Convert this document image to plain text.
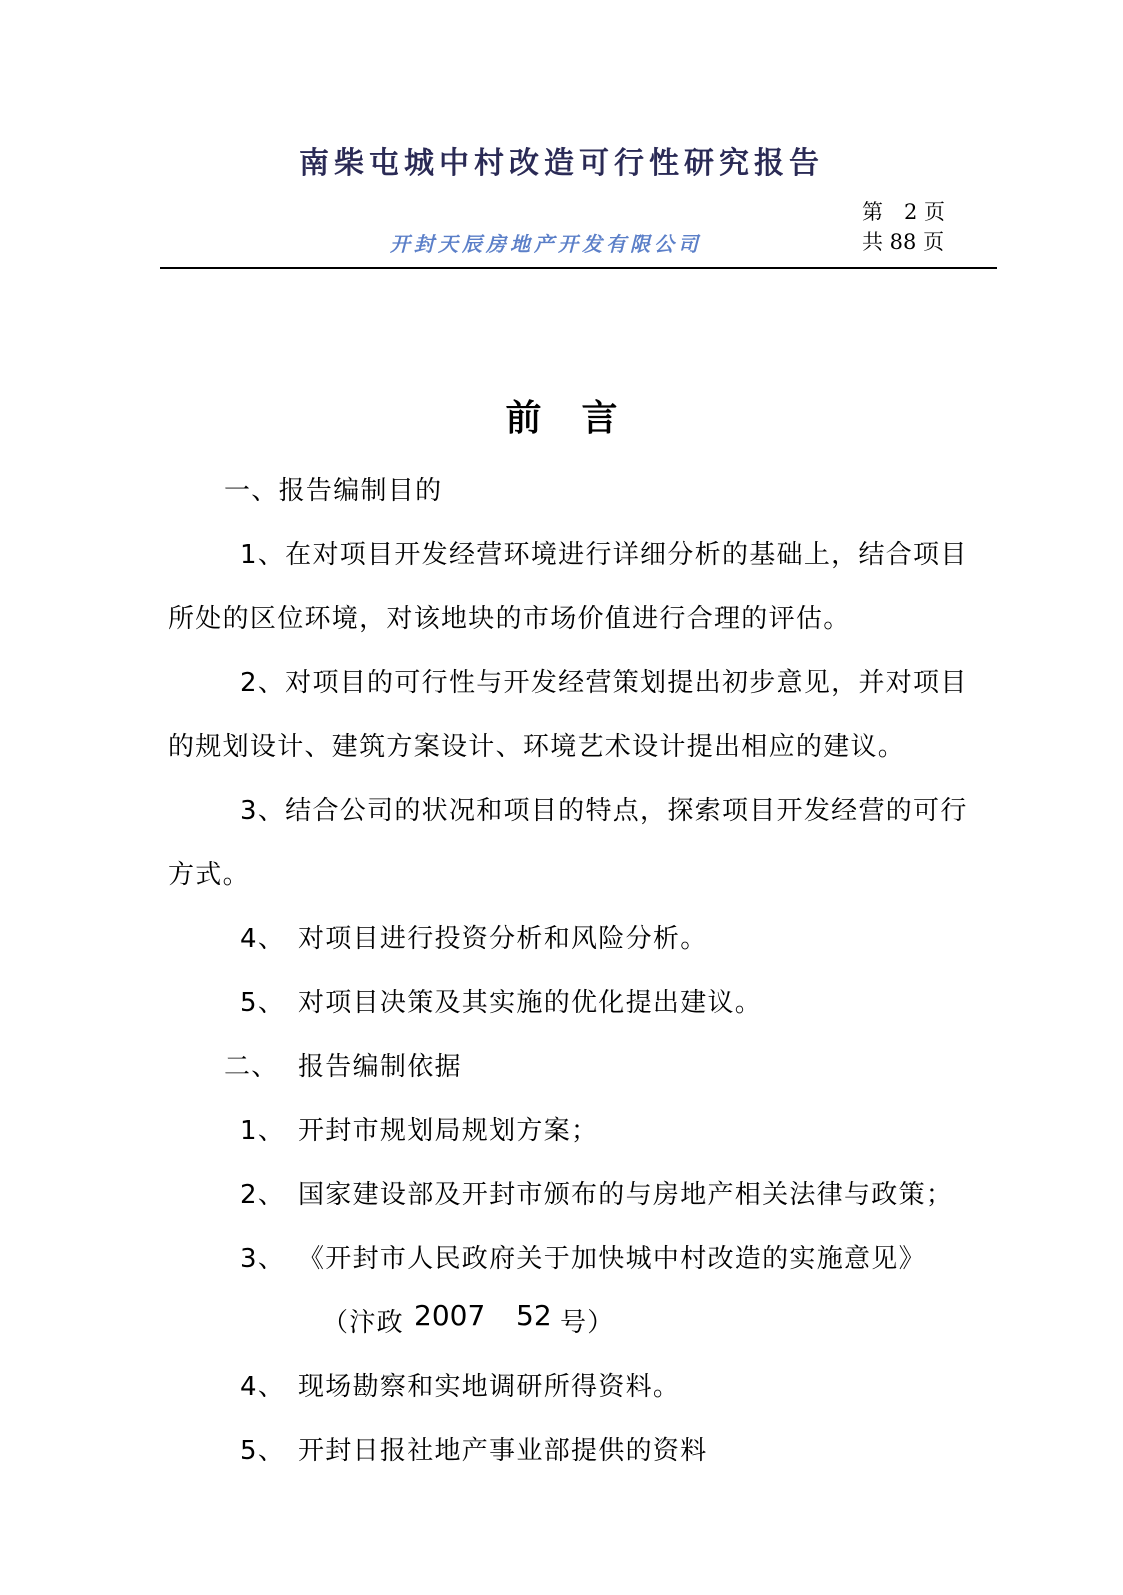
南柴屯城中村改造可行性研究报告
开封天辰房地产开发有限公司
第　2 页
共 88 页
前言
一、报告编制目的
1、在对项目开发经营环境进行详细分析的基础上，结合项目
所处的区位环境，对该地块的市场价值进行合理的评估。
2、对项目的可行性与开发经营策划提出初步意见，并对项目
的规划设计、建筑方案设计、环境艺术设计提出相应的建议。
3、结合公司的状况和项目的特点，探索项目开发经营的可行
方式。
4、 对项目进行投资分析和风险分析。
5、 对项目决策及其实施的优化提出建议。
二、 报告编制依据
1、 开封市规划局规划方案；
2、 国家建设部及开封市颁布的与房地产相关法律与政策；
3、 《开封市人民政府关于加快城中村改造的实施意见》
（汴政 2007 52 号）
4、 现场勘察和实地调研所得资料。
5、 开封日报社地产事业部提供的资料
